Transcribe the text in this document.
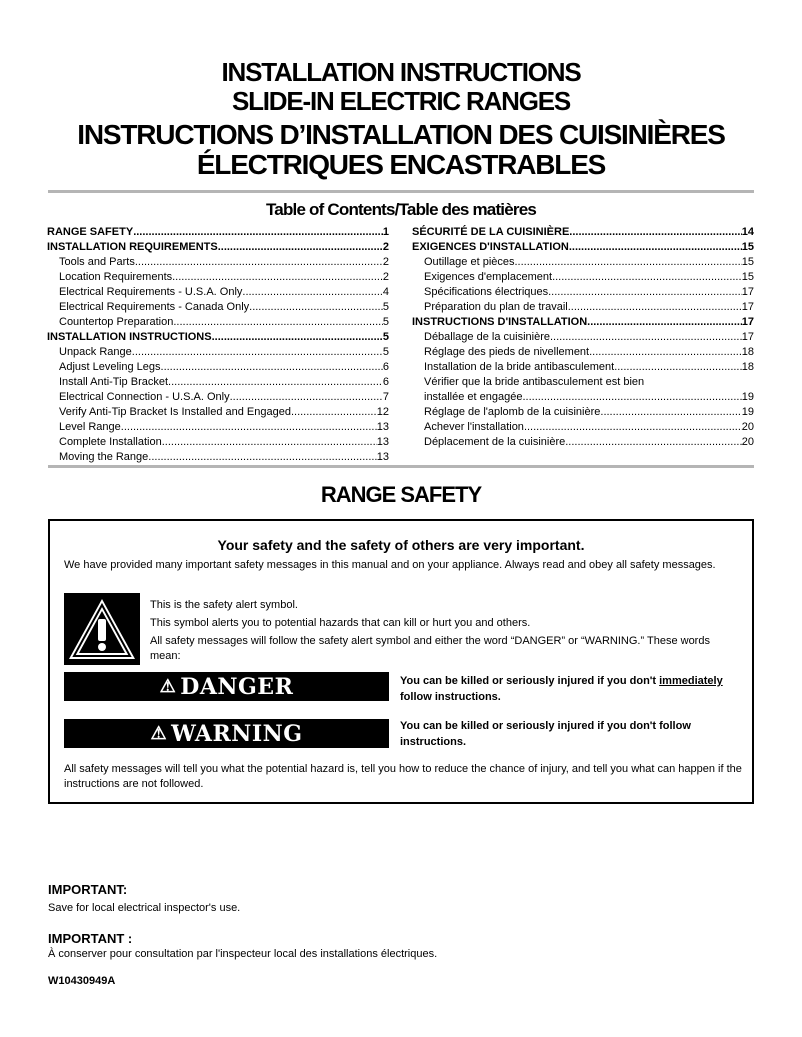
INSTALLATION INSTRUCTIONS
SLIDE-IN ELECTRIC RANGES
INSTRUCTIONS D’INSTALLATION DES CUISINIÈRES
ÉLECTRIQUES ENCASTRABLES
Table of Contents/Table des matières
RANGE SAFETY .....	1
INSTALLATION REQUIREMENTS .....	2
Tools and Parts .....	2
Location Requirements .....	2
Electrical Requirements - U.S.A. Only .....	4
Electrical Requirements - Canada Only .....	5
Countertop Preparation .....	5
INSTALLATION INSTRUCTIONS .....	5
Unpack Range .....	5
Adjust Leveling Legs .....	6
Install Anti-Tip Bracket .....	6
Electrical Connection - U.S.A. Only .....	7
Verify Anti-Tip Bracket Is Installed and Engaged .....	12
Level Range .....	13
Complete Installation .....	13
Moving the Range .....	13
SÉCURITÉ DE LA CUISINIÈRE .....	14
EXIGENCES D'INSTALLATION .....	15
Outillage et pièces .....	15
Exigences d'emplacement .....	15
Spécifications électriques .....	17
Préparation du plan de travail .....	17
INSTRUCTIONS D'INSTALLATION .....	17
Déballage de la cuisinière .....	17
Réglage des pieds de nivellement .....	18
Installation de la bride antibasculement .....	18
Vérifier que la bride antibasculement est bien
installée et engagée .....	19
Réglage de l'aplomb de la cuisinière .....	19
Achever l'installation .....	20
Déplacement de la cuisinière .....	20
RANGE SAFETY
Your safety and the safety of others are very important.
We have provided many important safety messages in this manual and on your appliance. Always read and obey all safety messages.
This is the safety alert symbol.
This symbol alerts you to potential hazards that can kill or hurt you and others.
All safety messages will follow the safety alert symbol and either the word “DANGER” or “WARNING.” These words mean:
⚠ DANGER	You can be killed or seriously injured if you don't immediately follow instructions.
⚠ WARNING	You can be killed or seriously injured if you don't follow instructions.
All safety messages will tell you what the potential hazard is, tell you how to reduce the chance of injury, and tell you what can happen if the instructions are not followed.
IMPORTANT:
Save for local electrical inspector's use.
IMPORTANT :
À conserver pour consultation par l'inspecteur local des installations électriques.
W10430949A
